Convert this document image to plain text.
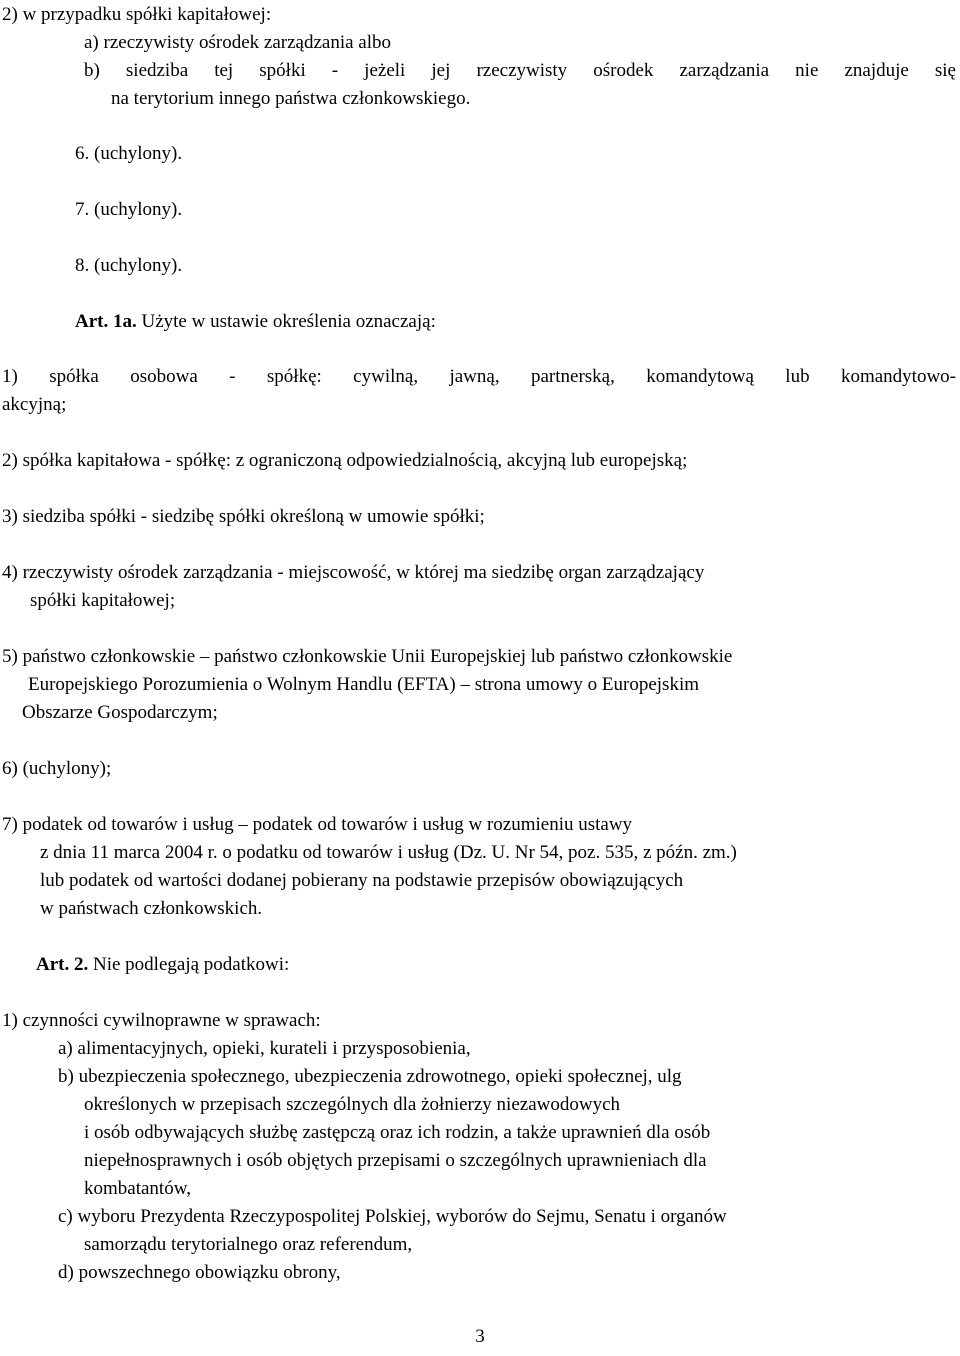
2) w przypadku spółki kapitałowej:
a) rzeczywisty ośrodek zarządzania albo
b) siedziba tej spółki - jeżeli jej rzeczywisty ośrodek zarządzania nie znajduje się
na terytorium innego państwa członkowskiego.
6. (uchylony).
7. (uchylony).
8. (uchylony).
Art. 1a. Użyte w ustawie określenia oznaczają:
1) spółka osobowa - spółkę: cywilną, jawną, partnerską, komandytową lub komandytowo-
akcyjną;
2) spółka kapitałowa - spółkę: z ograniczoną odpowiedzialnością, akcyjną lub europejską;
3) siedziba spółki - siedzibę spółki określoną w umowie spółki;
4) rzeczywisty ośrodek zarządzania - miejscowość, w której ma siedzibę organ zarządzający
spółki kapitałowej;
5) państwo członkowskie – państwo członkowskie Unii Europejskiej lub państwo członkowskie
Europejskiego Porozumienia o Wolnym Handlu (EFTA) – strona umowy o Europejskim
Obszarze Gospodarczym;
6) (uchylony);
7) podatek od towarów i usług – podatek od towarów i usług w rozumieniu ustawy
z dnia 11 marca 2004 r. o podatku od towarów i usług (Dz. U. Nr 54, poz. 535, z późn. zm.)
lub podatek od wartości dodanej pobierany na podstawie przepisów obowiązujących
w państwach członkowskich.
Art. 2. Nie podlegają podatkowi:
1) czynności cywilnoprawne w sprawach:
a) alimentacyjnych, opieki, kurateli i przysposobienia,
b) ubezpieczenia społecznego, ubezpieczenia zdrowotnego, opieki społecznej, ulg
określonych w przepisach szczególnych dla żołnierzy niezawodowych
i osób odbywających służbę zastępczą oraz ich rodzin, a także uprawnień dla osób
niepełnosprawnych i osób objętych przepisami o szczególnych uprawnieniach dla
kombatantów,
c) wyboru Prezydenta Rzeczypospolitej Polskiej, wyborów do Sejmu, Senatu i organów
samorządu terytorialnego oraz referendum,
d) powszechnego obowiązku obrony,
3
